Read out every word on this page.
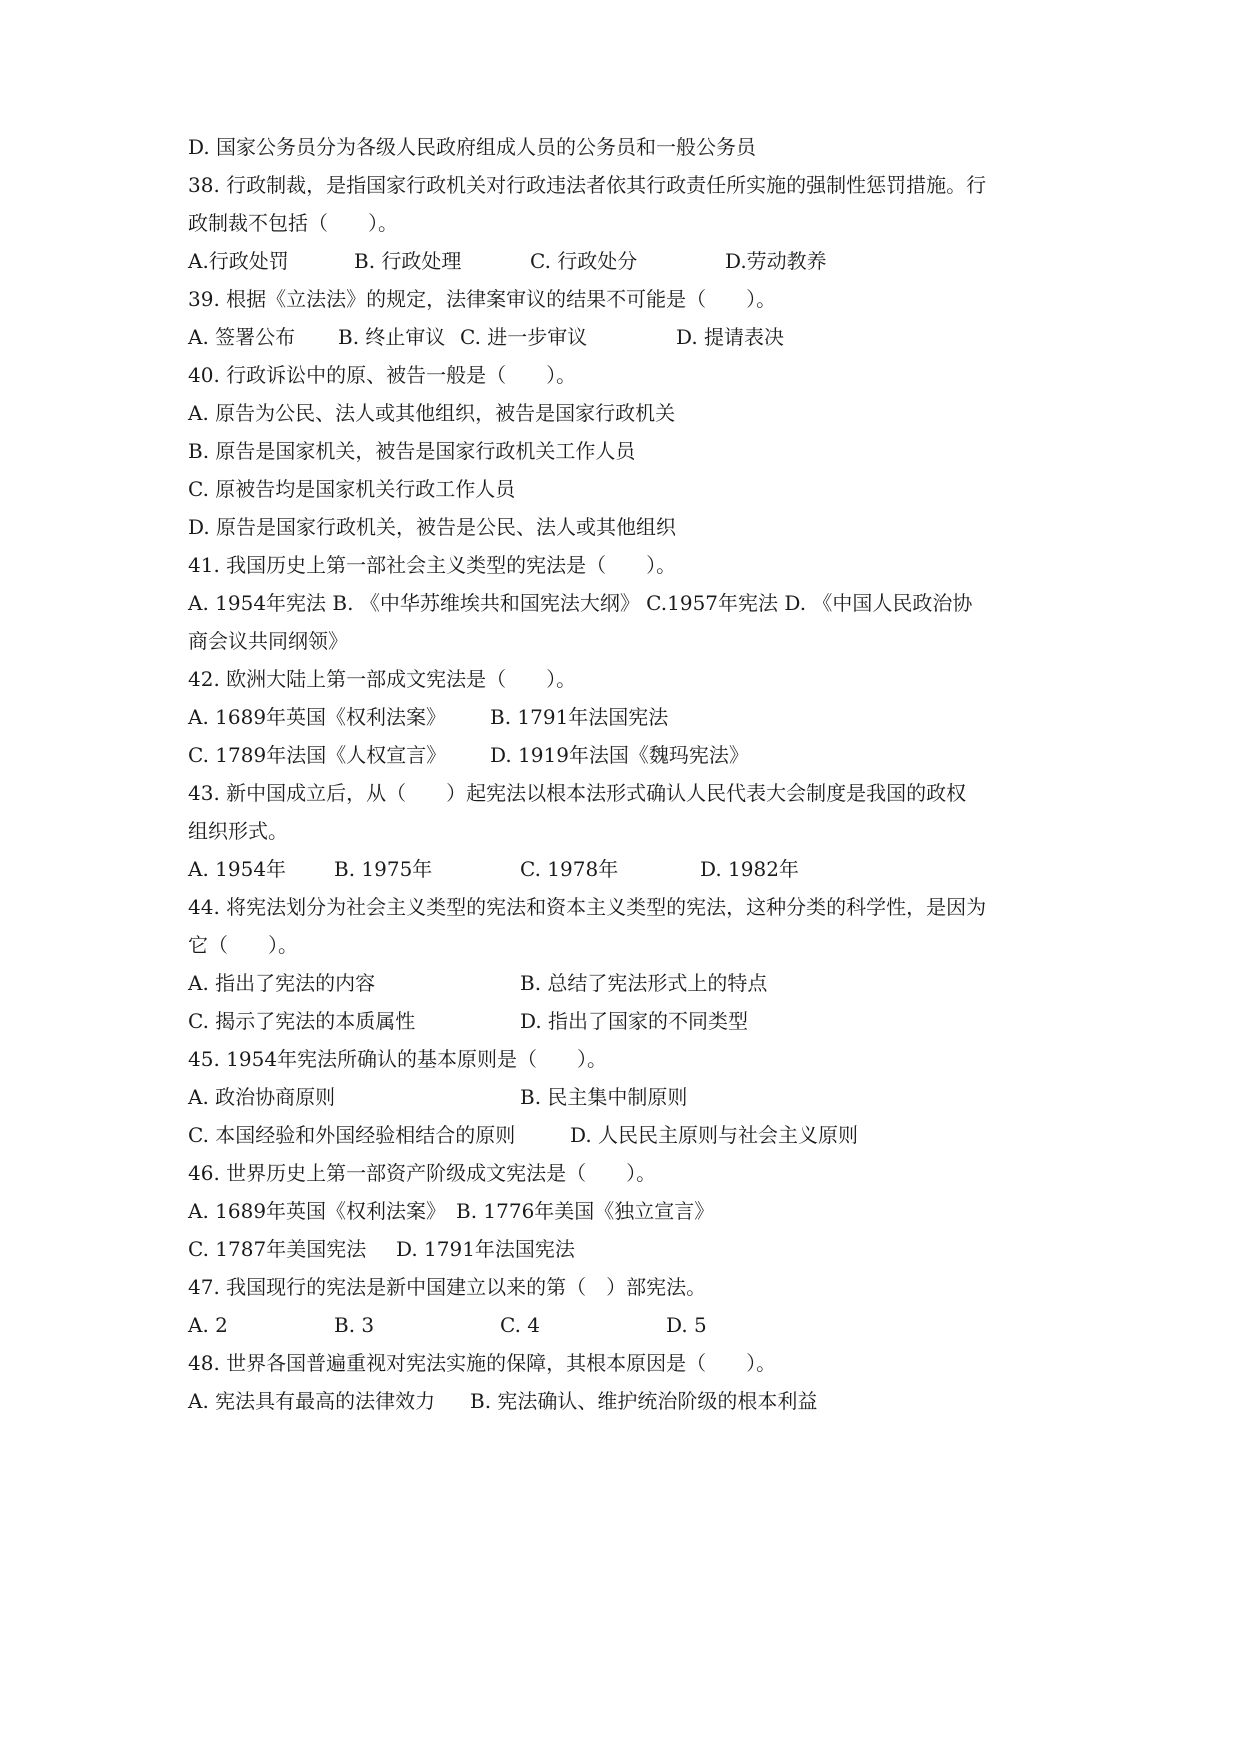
D. 国家公务员分为各级人民政府组成人员的公务员和一般公务员
38. 行政制裁，是指国家行政机关对行政违法者依其行政责任所实施的强制性惩罚措施。行
政制裁不包括（　　）。

A.行政处罚

	B. 行政处理

	C. 行政处分

	D.劳动教养

39. 根据《立法法》的规定，法律案审议的结果不可能是（　　）。

A. 签署公布

B. 终止审议

C. 进一步审议

	D. 提请表决

40. 行政诉讼中的原、被告一般是（　　）。
A. 原告为公民、法人或其他组织，被告是国家行政机关
B. 原告是国家机关，被告是国家行政机关工作人员
C. 原被告均是国家机关行政工作人员
D. 原告是国家行政机关，被告是公民、法人或其他组织
41. 我国历史上第一部社会主义类型的宪法是（　　）。
A. 1954年宪法 B. 《中华苏维埃共和国宪法大纲》 C.1957年宪法 D. 《中国人民政治协
商会议共同纲领》
42. 欧洲大陆上第一部成文宪法是（　　）。

A. 1689年英国《权利法案》

B. 1791年法国宪法

C. 1789年法国《人权宣言》

D. 1919年法国《魏玛宪法》

43. 新中国成立后，从（　　）起宪法以根本法形式确认人民代表大会制度是我国的政权
组织形式。

A. 1954年

B. 1975年

	C. 1978年

	D. 1982年

44. 将宪法划分为社会主义类型的宪法和资本主义类型的宪法，这种分类的科学性，是因为
它（　　）。

A. 指出了宪法的内容

	B. 总结了宪法形式上的特点

C. 揭示了宪法的本质属性

	D. 指出了国家的不同类型

45. 1954年宪法所确认的基本原则是（　　）。

A. 政治协商原则

	B. 民主集中制原则

C. 本国经验和外国经验相结合的原则

	D. 人民民主原则与社会主义原则

46. 世界历史上第一部资产阶级成文宪法是（　　）。

A. 1689年英国《权利法案》

B. 1776年美国《独立宣言》

C. 1787年美国宪法

D. 1791年法国宪法

47. 我国现行的宪法是新中国建立以来的第（　）部宪法。

A. 2

	B. 3

	C. 4

	D. 5

48. 世界各国普遍重视对宪法实施的保障，其根本原因是（　　）。

A. 宪法具有最高的法律效力

B. 宪法确认、维护统治阶级的根本利益
